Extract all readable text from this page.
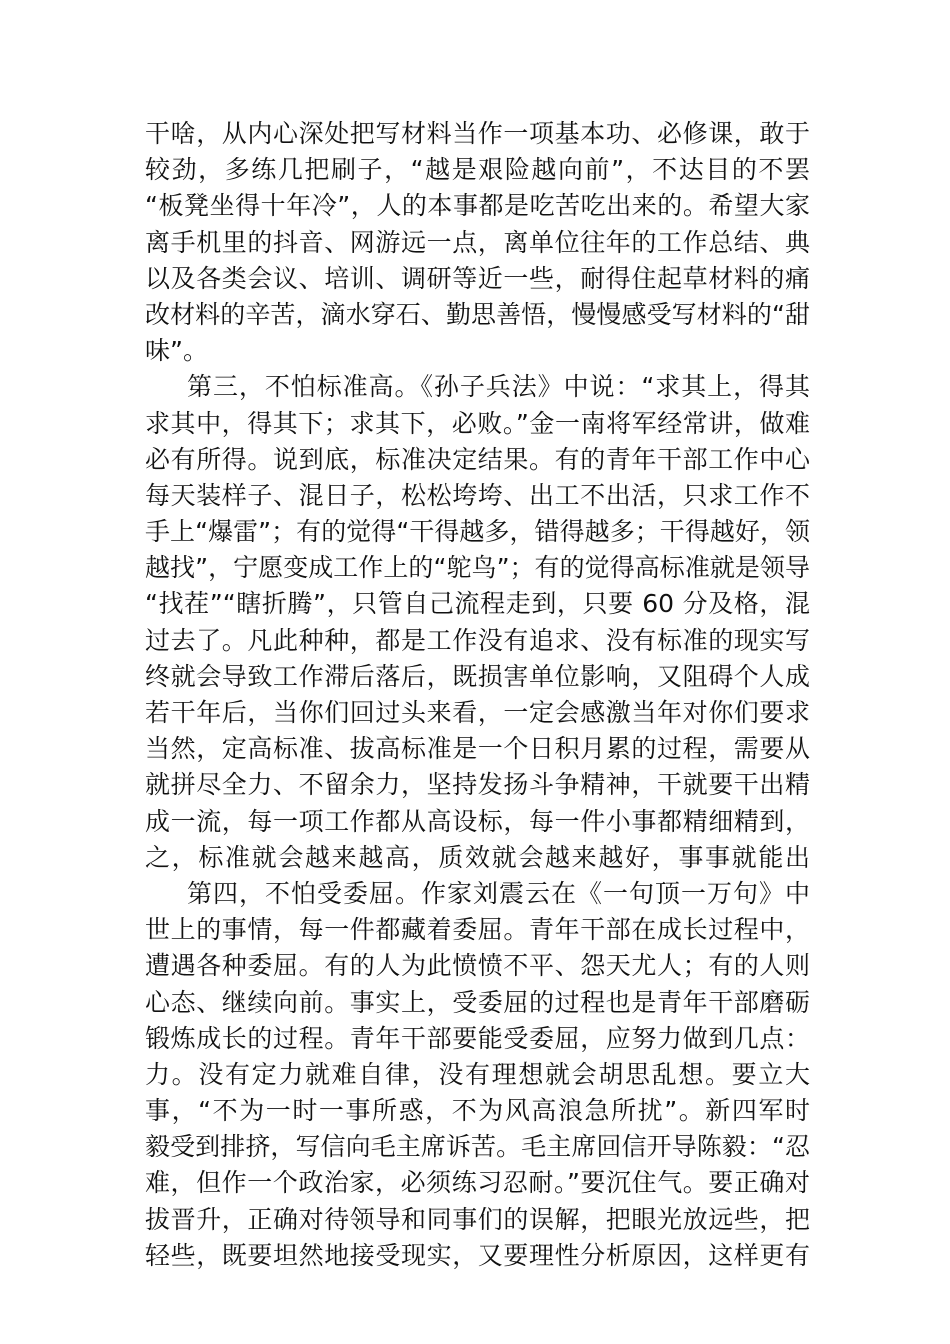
干啥，从内心深处把写材料当作一项基本功、必修课，敢于
较劲，多练几把刷子，“越是艰险越向前”，不达目的不罢
“板凳坐得十年冷”，人的本事都是吃苦吃出来的。希望大家
离手机里的抖音、网游远一点，离单位往年的工作总结、典
以及各类会议、培训、调研等近一些，耐得住起草材料的痛
改材料的辛苦，滴水穿石、勤思善悟，慢慢感受写材料的“甜
味”。
第三，不怕标准高。《孙子兵法》中说：“求其上，得其
求其中，得其下；求其下，必败。”金一南将军经常讲，做难
必有所得。说到底，标准决定结果。有的青年干部工作中心
每天装样子、混日子，松松垮垮、出工不出活，只求工作不
手上“爆雷”；有的觉得“干得越多，错得越多；干得越好，领
越找”，宁愿变成工作上的“鸵鸟”；有的觉得高标准就是领导
“找茬”“瞎折腾”，只管自己流程走到，只要 60 分及格，混
过去了。凡此种种，都是工作没有追求、没有标准的现实写
终就会导致工作滞后落后，既损害单位影响，又阻碍个人成
若干年后，当你们回过头来看，一定会感激当年对你们要求
当然，定高标准、拔高标准是一个日积月累的过程，需要从
就拼尽全力、不留余力，坚持发扬斗争精神，干就要干出精
成一流，每一项工作都从高设标，每一件小事都精细精到，
之，标准就会越来越高，质效就会越来越好，事事就能出
第四，不怕受委屈。作家刘震云在《一句顶一万句》中
世上的事情，每一件都藏着委屈。青年干部在成长过程中，
遭遇各种委屈。有的人为此愤愤不平、怨天尤人；有的人则
心态、继续向前。事实上，受委屈的过程也是青年干部磨砺
锻炼成长的过程。青年干部要能受委屈，应努力做到几点：
力。没有定力就难自律，没有理想就会胡思乱想。要立大
事，“不为一时一事所惑，不为风高浪急所扰”。新四军时
毅受到排挤，写信向毛主席诉苦。毛主席回信开导陈毅：“忍
难，但作一个政治家，必须练习忍耐。”要沉住气。要正确对
拔晋升，正确对待领导和同事们的误解，把眼光放远些，把
轻些，既要坦然地接受现实，又要理性分析原因，这样更有
